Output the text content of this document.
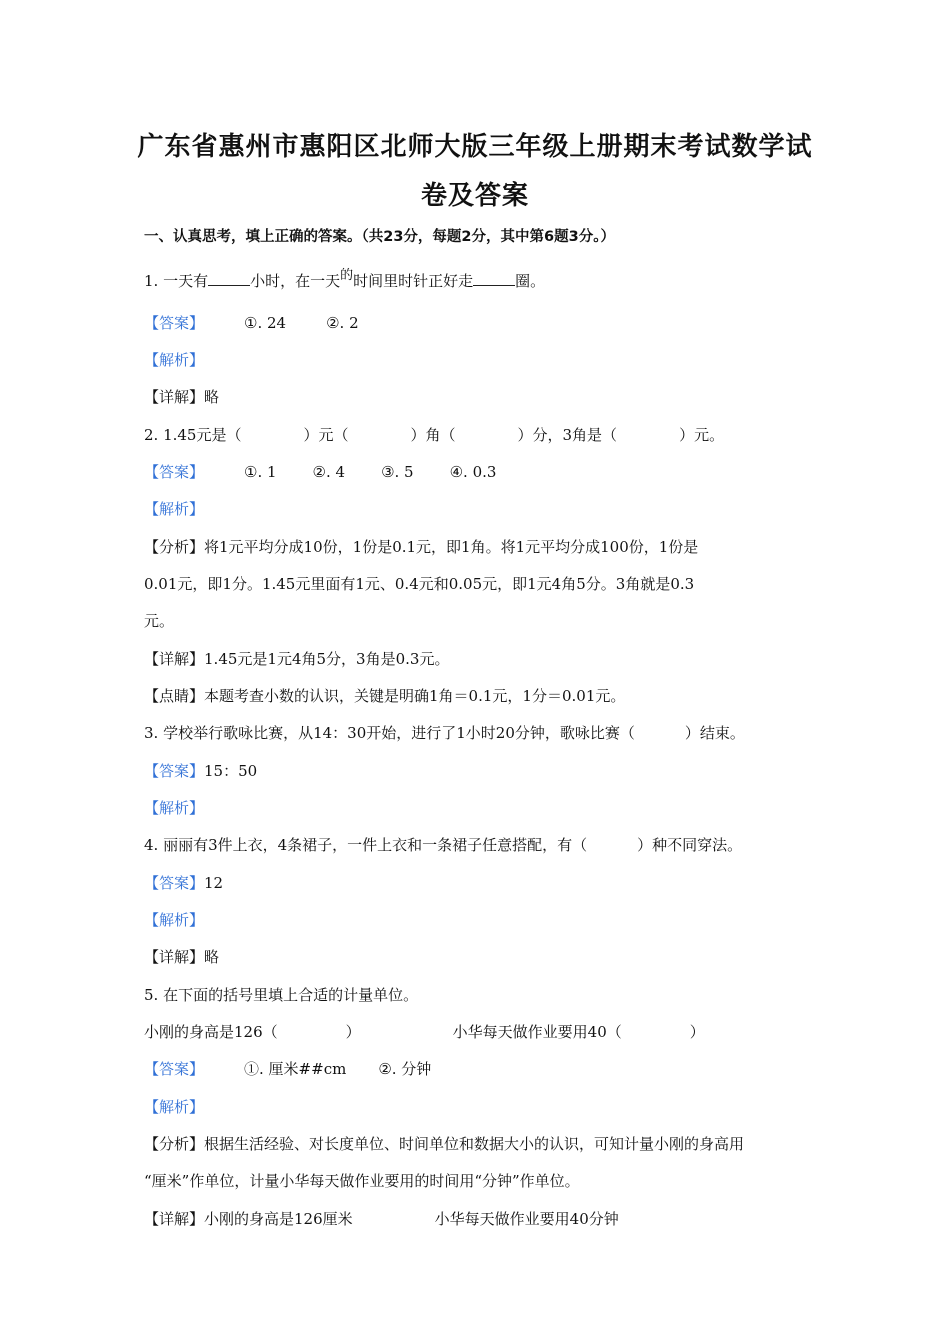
广东省惠州市惠阳区北师大版三年级上册期末考试数学试
卷及答案
一、认真思考，填上正确的答案。（共23分，每题2分，其中第6题3分。）
1. 一天有	小时，在一天的时间里时针正好走	圈。
【答案】	①. 24	②. 2
【解析】
【详解】略
2. 1.45元是（	）元（	）角（	）分，3角是（	）元。
【答案】	①. 1 ②. 4 ③. 5 ④. 0.3
【解析】
【分析】将1元平均分成10份，1份是0.1元，即1角。将1元平均分成100份，1份是
0.01元，即1分。1.45元里面有1元、0.4元和0.05元，即1元4角5分。3角就是0.3
元。
【详解】1.45元是1元4角5分，3角是0.3元。
【点睛】本题考查小数的认识，关键是明确1角＝0.1元，1分＝0.01元。
3. 学校举行歌咏比赛，从14：30开始，进行了1小时20分钟，歌咏比赛（	）结束。
【答案】15：50
【解析】
4. 丽丽有3件上衣，4条裙子，一件上衣和一条裙子任意搭配，有（	）种不同穿法。
【答案】12
【解析】
【详解】略
5. 在下面的括号里填上合适的计量单位。
小刚的身高是126（	）	小华每天做作业要用40（	）
【答案】	①. 厘米##cm ②. 分钟
【解析】
【分析】根据生活经验、对长度单位、时间单位和数据大小的认识，可知计量小刚的身高用
“厘米”作单位，计量小华每天做作业要用的时间用“分钟”作单位。
【详解】小刚的身高是126厘米	小华每天做作业要用40分钟
